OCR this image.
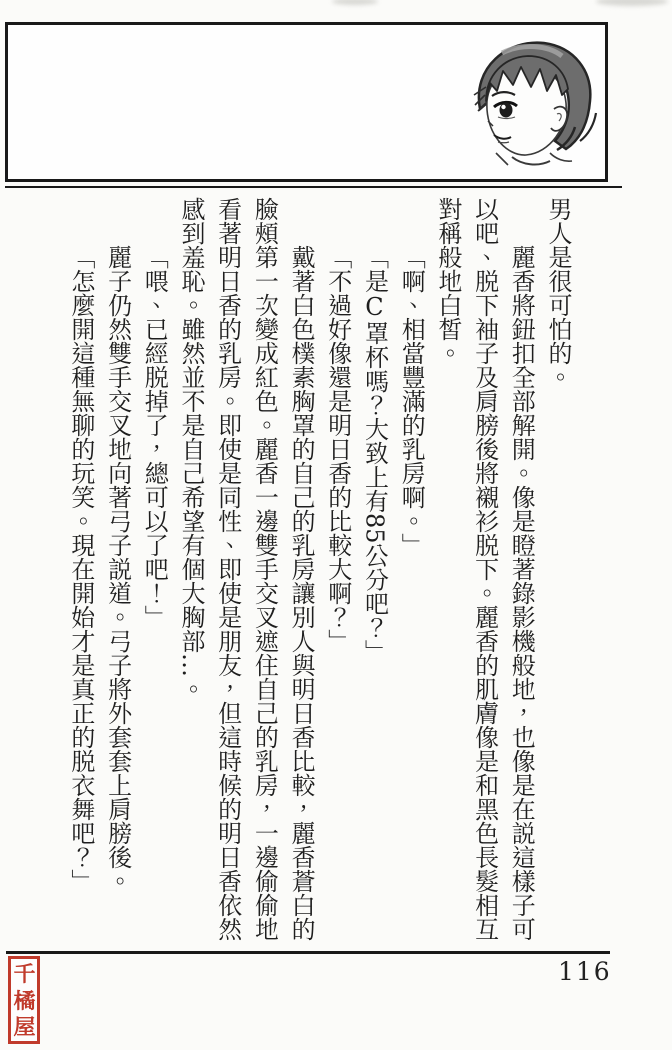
男人是很可怕的。

麗香將鈕扣全部解開。像是瞪著錄影機般地，也像是在説這樣子可以吧、脱下袖子及肩膀後將襯衫脱下。麗香的肌膚像是和黑色長髮相互對稱般地白皙。

「啊、相當豐滿的乳房啊。」

「是C罩杯嗎？大致上有85公分吧？」

「不過好像還是明日香的比較大啊？」

戴著白色樸素胸罩的自己的乳房讓別人與明日香比較，麗香蒼白的臉頰第一次變成紅色。麗香一邊雙手交叉遮住自己的乳房，一邊偷偷地看著明日香的乳房。即使是同性、即使是朋友，但這時候的明日香依然感到羞恥。雖然並不是自己希望有個大胸部…。

「喂、已經脱掉了，總可以了吧！」

麗子仍然雙手交叉地向著弓子説道。弓子將外套套上肩膀後。

「怎麼開這種無聊的玩笑。現在開始才是真正的脱衣舞吧？」

116
千
橘
屋
